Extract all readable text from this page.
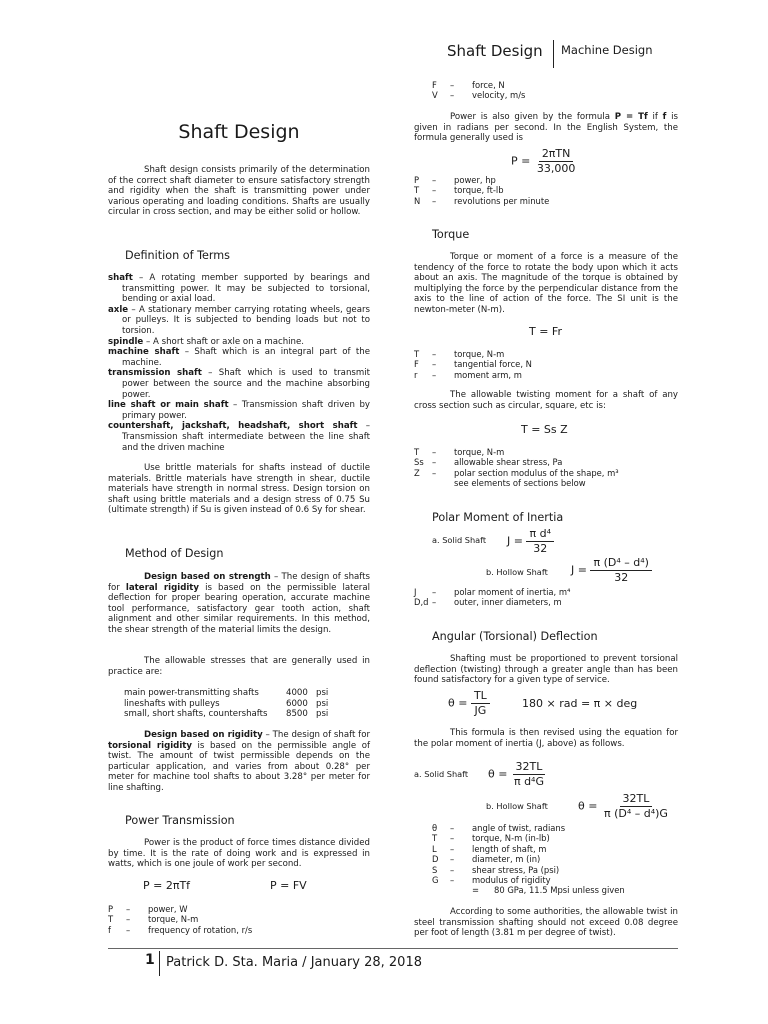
Shaft Design Machine Design
Shaft Design
Shaft design consists primarily of the determination of the correct shaft diameter to ensure satisfactory strength and rigidity when the shaft is transmitting power under various operating and loading conditions. Shafts are usually circular in cross section, and may be either solid or hollow.
Definition of Terms
shaft – A rotating member supported by bearings and transmitting power. It may be subjected to torsional, bending or axial load.
axle – A stationary member carrying rotating wheels, gears or pulleys. It is subjected to bending loads but not to torsion.
spindle – A short shaft or axle on a machine.
machine shaft – Shaft which is an integral part of the machine.
transmission shaft – Shaft which is used to transmit power between the source and the machine absorbing power.
line shaft or main shaft – Transmission shaft driven by primary power.
countershaft, jackshaft, headshaft, short shaft – Transmission shaft intermediate between the line shaft and the driven machine
Use brittle materials for shafts instead of ductile materials. Brittle materials have strength in shear, ductile materials have strength in normal stress. Design torsion on shaft using brittle materials and a design stress of 0.75 Su (ultimate strength) if Su is given instead of 0.6 Sy for shear.
Method of Design
Design based on strength – The design of shafts for lateral rigidity is based on the permissible lateral deflection for proper bearing operation, accurate machine tool performance, satisfactory gear tooth action, shaft alignment and other similar requirements. In this method, the shear strength of the material limits the design.
The allowable stresses that are generally used in practice are:
main power-transmitting shafts	4000	psi
lineshafts with pulleys	6000	psi
small, short shafts, countershafts	8500	psi
Design based on rigidity – The design of shaft for torsional rigidity is based on the permissible angle of twist. The amount of twist permissible depends on the particular application, and varies from about 0.28° per meter for machine tool shafts to about 3.28° per meter for line shafting.
Power Transmission
Power is the product of force times distance divided by time. It is the rate of doing work and is expressed in watts, which is one joule of work per second.
P = 2πTf	P = FV
P	–	power, W
T	–	torque, N-m
f	–	frequency of rotation, r/s
F	–	force, N
V	–	velocity, m/s
Power is also given by the formula P = Tf if f is given in radians per second. In the English System, the formula generally used is
$P = \frac{\text{2πTN}}{33,000}$
P	–	power, hp
T	–	torque, ft-lb
N	–	revolutions per minute
Torque
Torque or moment of a force is a measure of the tendency of the force to rotate the body upon which it acts about an axis. The magnitude of the torque is obtained by multiplying the force by the perpendicular distance from the axis to the line of action of the force. The SI unit is the newton-meter (N-m).
T = Fr
T	–	torque, N-m
F	–	tangential force, N
r	–	moment arm, m
The allowable twisting moment for a shaft of any cross section such as circular, square, etc is:
T = Ss Z
T	–	torque, N-m
Ss –	allowable shear stress, Pa
Z	–	polar section modulus of the shape, m³
see elements of sections below
Polar Moment of Inertia
a. Solid Shaft $J = \frac{\text{π d⁴}}{32}$
b. Hollow Shaft $J = \frac{\text{π (D⁴ – d⁴)}}{32}$
J	–	polar moment of inertia, m⁴
D,d –	outer, inner diameters, m
Angular (Torsional) Deflection
Shafting must be proportioned to prevent torsional deflection (twisting) through a greater angle than has been found satisfactory for a given type of service.
$\theta = \frac{TL}{JG}$	180 × rad = π × deg
This formula is then revised using the equation for the polar moment of inertia (J, above) as follows.
a. Solid Shaft $\theta = \frac{32TL}{\text{π d⁴G}}$
b. Hollow Shaft	$\theta = \frac{32TL}{\text{π (D⁴ – d⁴)G}}$
θ	–	angle of twist, radians
T	–	torque, N-m (in-lb)
L	–	length of shaft, m
D	–	diameter, m (in)
S	–	shear stress, Pa (psi)
G	–	modulus of rigidity
=	80 GPa, 11.5 Mpsi unless given
According to some authorities, the allowable twist in steel transmission shafting should not exceed 0.08 degree per foot of length (3.81 m per degree of twist).
1 Patrick D. Sta. Maria / January 28, 2018
